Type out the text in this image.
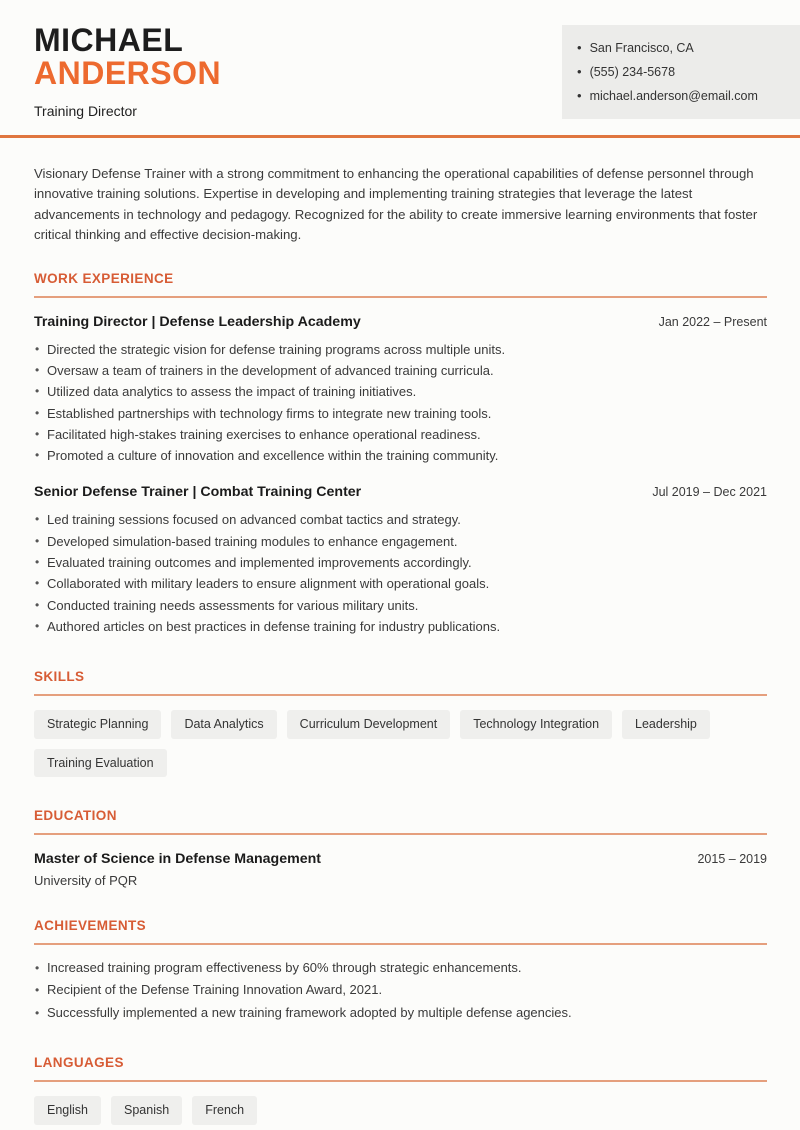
MICHAEL
ANDERSON
Training Director
• San Francisco, CA
• (555) 234-5678
• michael.anderson@email.com

Visionary Defense Trainer with a strong commitment to enhancing the operational capabilities of defense personnel through innovative training solutions. Expertise in developing and implementing training strategies that leverage the latest advancements in technology and pedagogy. Recognized for the ability to create immersive learning environments that foster critical thinking and effective decision-making.

WORK EXPERIENCE
Training Director | Defense Leadership Academy	Jan 2022 – Present
• Directed the strategic vision for defense training programs across multiple units.
• Oversaw a team of trainers in the development of advanced training curricula.
• Utilized data analytics to assess the impact of training initiatives.
• Established partnerships with technology firms to integrate new training tools.
• Facilitated high-stakes training exercises to enhance operational readiness.
• Promoted a culture of innovation and excellence within the training community.
Senior Defense Trainer | Combat Training Center	Jul 2019 – Dec 2021
• Led training sessions focused on advanced combat tactics and strategy.
• Developed simulation-based training modules to enhance engagement.
• Evaluated training outcomes and implemented improvements accordingly.
• Collaborated with military leaders to ensure alignment with operational goals.
• Conducted training needs assessments for various military units.
• Authored articles on best practices in defense training for industry publications.
SKILLS
Strategic Planning	Data Analytics	Curriculum Development	Technology Integration	Leadership
Training Evaluation
EDUCATION
Master of Science in Defense Management	2015 – 2019
University of PQR
ACHIEVEMENTS
• Increased training program effectiveness by 60% through strategic enhancements.
• Recipient of the Defense Training Innovation Award, 2021.
• Successfully implemented a new training framework adopted by multiple defense agencies.
LANGUAGES
English	Spanish	French
